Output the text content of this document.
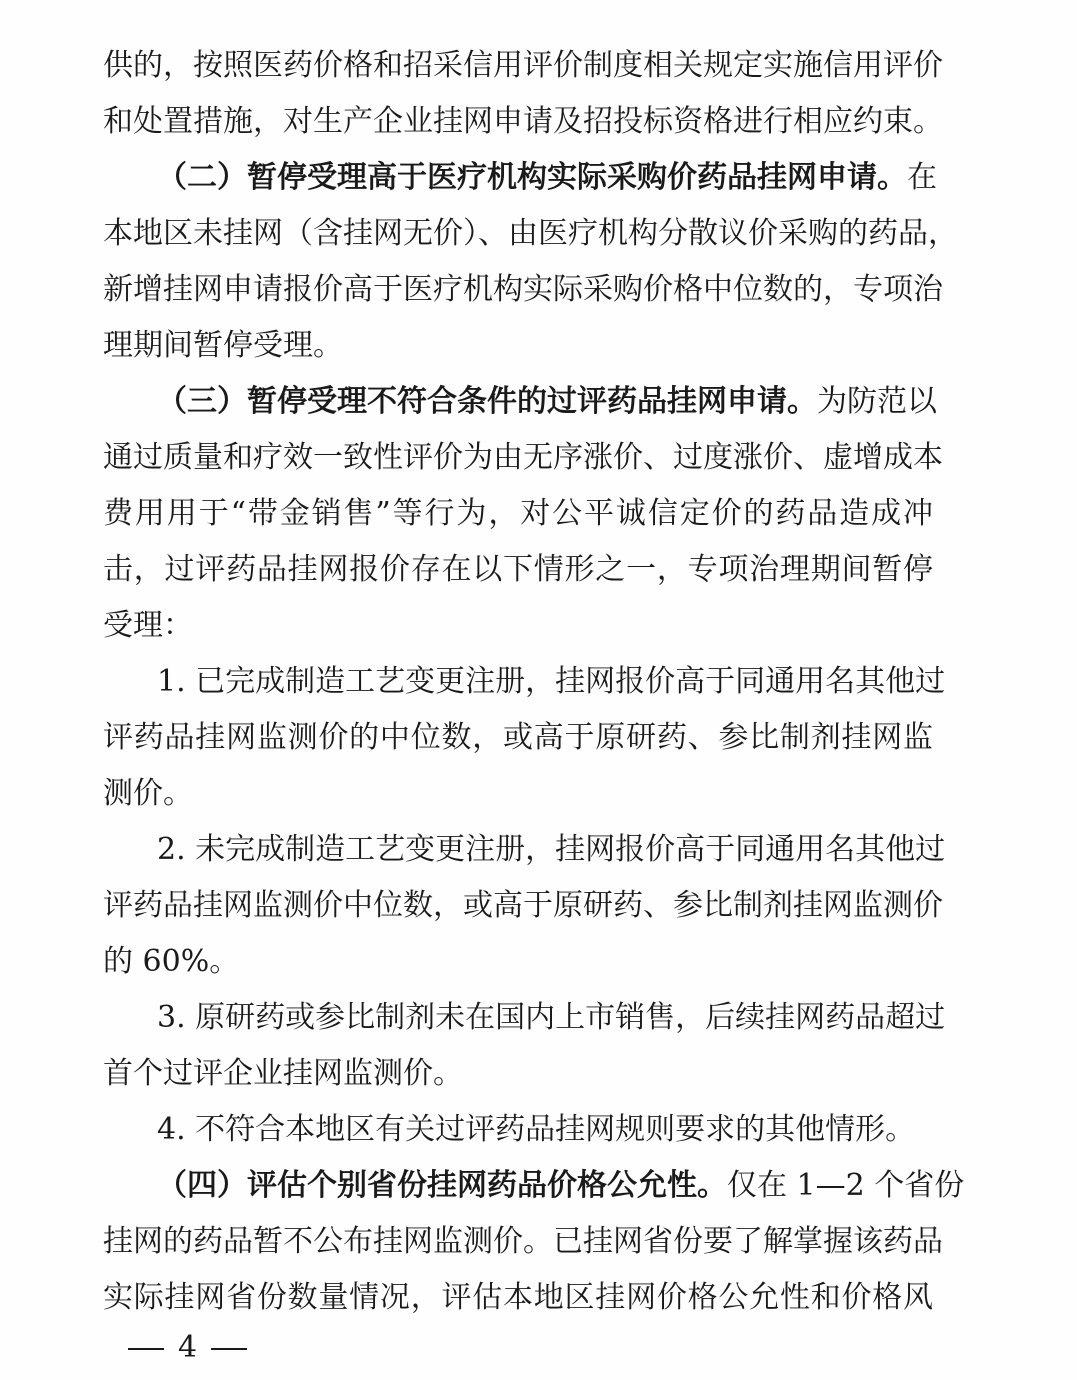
供的，按照医药价格和招采信用评价制度相关规定实施信用评价
和处置措施，对生产企业挂网申请及招投标资格进行相应约束。
（二）暂停受理高于医疗机构实际采购价药品挂网申请。在
本地区未挂网（含挂网无价）、由医疗机构分散议价采购的药品，
新增挂网申请报价高于医疗机构实际采购价格中位数的，专项治
理期间暂停受理。
（三）暂停受理不符合条件的过评药品挂网申请。为防范以
通过质量和疗效一致性评价为由无序涨价、过度涨价、虚增成本
费用用于“带金销售”等行为，对公平诚信定价的药品造成冲
击，过评药品挂网报价存在以下情形之一，专项治理期间暂停
受理：
1. 已完成制造工艺变更注册，挂网报价高于同通用名其他过
评药品挂网监测价的中位数，或高于原研药、参比制剂挂网监
测价。
2. 未完成制造工艺变更注册，挂网报价高于同通用名其他过
评药品挂网监测价中位数，或高于原研药、参比制剂挂网监测价
的 60%。
3. 原研药或参比制剂未在国内上市销售，后续挂网药品超过
首个过评企业挂网监测价。
4. 不符合本地区有关过评药品挂网规则要求的其他情形。
（四）评估个别省份挂网药品价格公允性。仅在 1—2 个省份
挂网的药品暂不公布挂网监测价。已挂网省份要了解掌握该药品
实际挂网省份数量情况，评估本地区挂网价格公允性和价格风
4
